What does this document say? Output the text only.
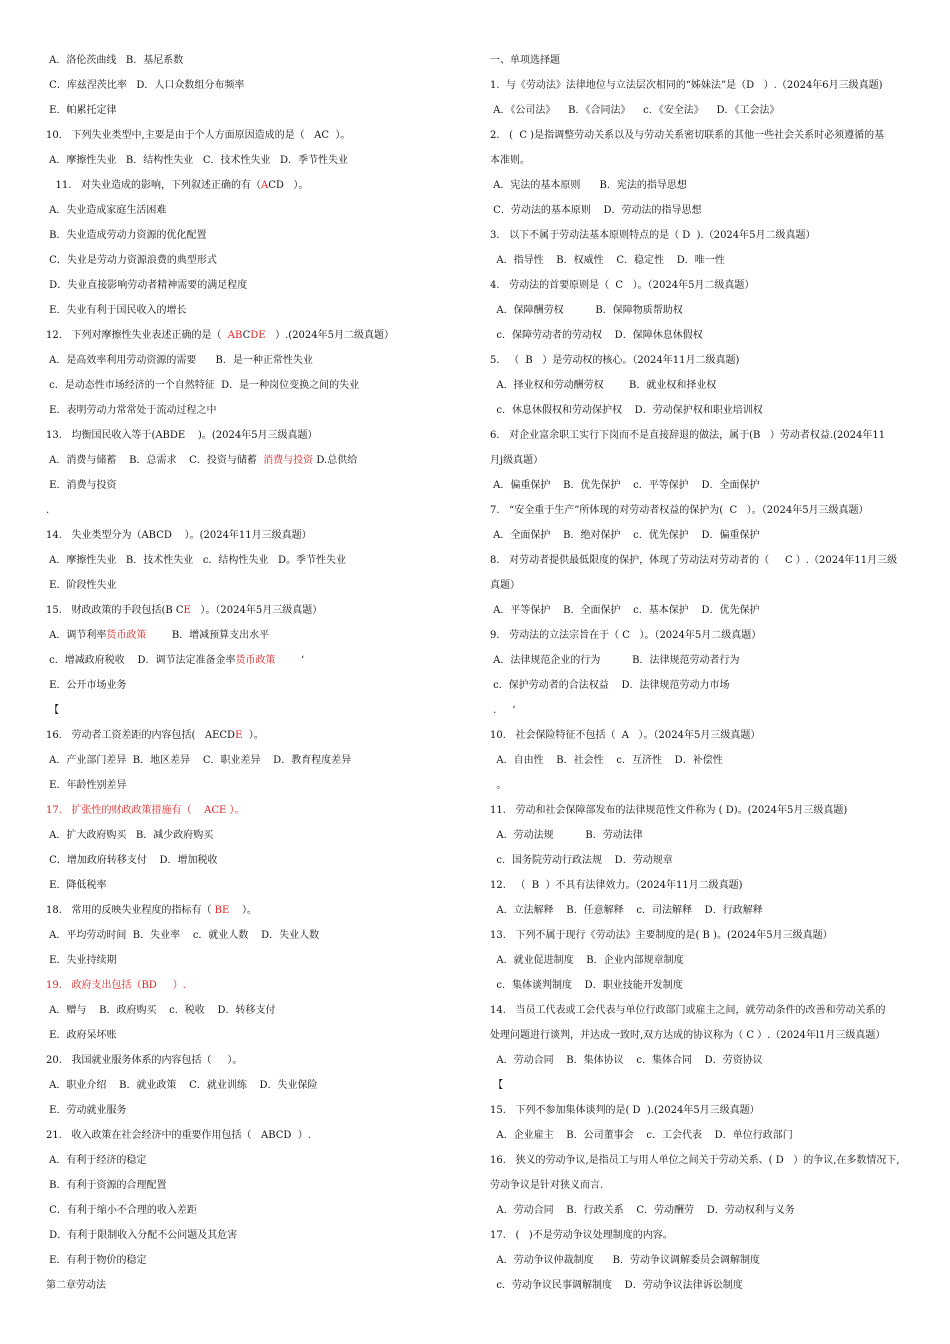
A．洛伦茨曲线   B．基尼系数
C．库兹涅茨比率   D．人口众数组分布频率
E．帕累托定律
10.   下列失业类型中,主要是由于个人方面原因造成的是（   AC  ）。
A．摩擦性失业   B．结构性失业   C．技术性失业   D．季节性失业
11.   对失业造成的影响，下列叙述正确的有（ACD   ）。
A．失业造成家庭生活困难
B．失业造成劳动力资源的优化配置
C．失业是劳动力资源浪费的典型形式
D．失业直接影响劳动者精神需要的满足程度
E．失业有利于国民收入的增长
12.   下列对摩擦性失业表述正确的是（  ABCDE   ）.(2024年5月二级真题）
A．是高效率利用劳动资源的需要      B．是一种正常性失业
c．是动态性市场经济的一个自然特征  D．是一种岗位变换之间的失业
E．表明劳动力常常处于流动过程之中
13.   均衡国民收入等于(ABDE    )。(2024年5月三级真题）
A．消费与储蓄    B．总需求    C．投资与储蓄  消费与投资 D.总供给
E．消费与投资
.
14.   失业类型分为（ABCD    ）。(2024年11月三级真题）
A．摩擦性失业   B．技术性失业   c．结构性失业   D。季节性失业
E．阶段性失业
15.   财政政策的手段包括(B CE   ）。（2024年5月三级真题）
A．调节利率货币政策        B．增减预算支出水平
c．增减政府税收    D．调节法定准备金率货币政策        ‘
E．公开市场业务
【
16.   劳动者工资差距的内容包括(   AECDE  ）。
A．产业部门差异  B．地区差异    C．职业差异    D．教育程度差异
E．年龄性别差异
17.   扩张性的财政政策措施有（    ACE ）。
A．扩大政府购买   B．减少政府购买
C．增加政府转移支付    D．增加税收
E．降低税率
18.   常用的反映失业程度的指标有（ BE    ）。
A．平均劳动时间  B．失业率    c．就业人数    D．失业人数
E．失业持续期
19.   政府支出包括（BD     ）.
A．赠与    B．政府购买    c．税收    D．转移支付
E．政府呆坏账
20.   我国就业服务体系的内容包括（     ）。
A．职业介绍    B．就业政策    C．就业训练    D．失业保险
E．劳动就业服务
21.   收入政策在社会经济中的重要作用包括（   ABCD  ）.
A．有利于经济的稳定
B．有利于资源的合理配置
C．有利于缩小不合理的收入差距
D．有利于限制收入分配不公问题及其危害
E．有利于物价的稳定
第二章劳动法
一、单项选择题
1.  与《劳动法》法律地位与立法层次相同的“姊妹法”是（D   ）.（2024年6月三级真题)
A．《公司法》    B．《合同法》    c．《安全法》    D．《工会法》
2.   (  C )是指调整劳动关系以及与劳动关系密切联系的其他一些社会关系时必须遵循的基
本准则。
A．宪法的基本原则      B．宪法的指导思想
C．劳动法的基本原则    D．劳动法的指导思想
3.   以下不属于劳动法基本原则特点的是（ D  ).（2024年5月二级真题）
A．指导性    B．权威性    C．稳定性    D．唯一性
4.   劳动法的首要原则是（  C   ）。（2024年5月二级真题）
A．保障酬劳权          B．保障物质帮助权
c．保障劳动者的劳动权    D．保障休息休假权
5.   （  B   ）是劳动权的核心。（2024年11月二级真题)
A．择业权和劳动酬劳权        B．就业权和择业权
c．休息休假权和劳动保护权    D．劳动保护权和职业培训权
6.   对企业富余职工实行下岗而不是直接辞退的做法，属于(B   ）劳动者权益.(2024年11
月j级真题）
A．偏重保护    B．优先保护    c．平等保护    D．全面保护
7.   “安全重于生产”所体现的对劳动者权益的保护为(  C   ）。（2024年5月三级真题）
A．全面保护    B．绝对保护    c．优先保护    D．偏重保护
8.   对劳动者提供最低限度的保护，体现了劳动法对劳动者的（     C ）.（2024年11月三级
真题）
A．平等保护    B．全面保护    c．基本保护    D．优先保护
9.   劳动法的立法宗旨在于（ C   ）。（2024年5月二级真题）
A．法律规范企业的行为          B．法律规范劳动者行为
c．保护劳动者的合法权益    D．法律规范劳动力市场
.     ‘
10.   社会保险特征不包括（  A   ）。（2024年5月三级真题）
A．自由性    B．社会性    c．互济性    D．补偿性
。
11.   劳动和社会保障部发布的法律规范性文件称为 ( D)。(2024年5月三级真题)
A．劳动法规          B．劳动法律
c．国务院劳动行政法规    D．劳动规章
12.   （  B  ）不具有法律效力。（2024年11月二级真题)
A．立法解释    B．任意解释    c．司法解释    D．行政解释
13.   下列不属于现行《劳动法》主要制度的是( B )。(2024年5月三级真题）
A．就业促进制度    B．企业内部规章制度
c．集体谈判制度    D．职业技能开发制度
14.   当员工代表或工会代表与单位行政部门或雇主之间，就劳动条件的改善和劳动关系的
处理问题进行谈判，并达成一致时,双方达成的协议称为（ C ）.（2024年l1月三级真题）
A．劳动合同    B．集体协议    c．集体合同    D．劳资协议
【
15.   下列不参加集体谈判的是( D  ).(2024年5月三级真题）
A．企业雇主    B．公司董事会    c．工会代表    D．单位行政部门
16.   狭义的劳动争议,是指员工与用人单位之间关于劳动关系、( D   ）的争议,在多数情况下,
劳动争议是针对狭义而言.
A．劳动合同    B．行政关系    C．劳动酬劳    D．劳动权利与义务
17.   (   )不是劳动争议处理制度的内容。
A．劳动争议仲裁制度      B．劳动争议调解委员会调解制度
c．劳动争议民事调解制度    D．劳动争议法律诉讼制度
